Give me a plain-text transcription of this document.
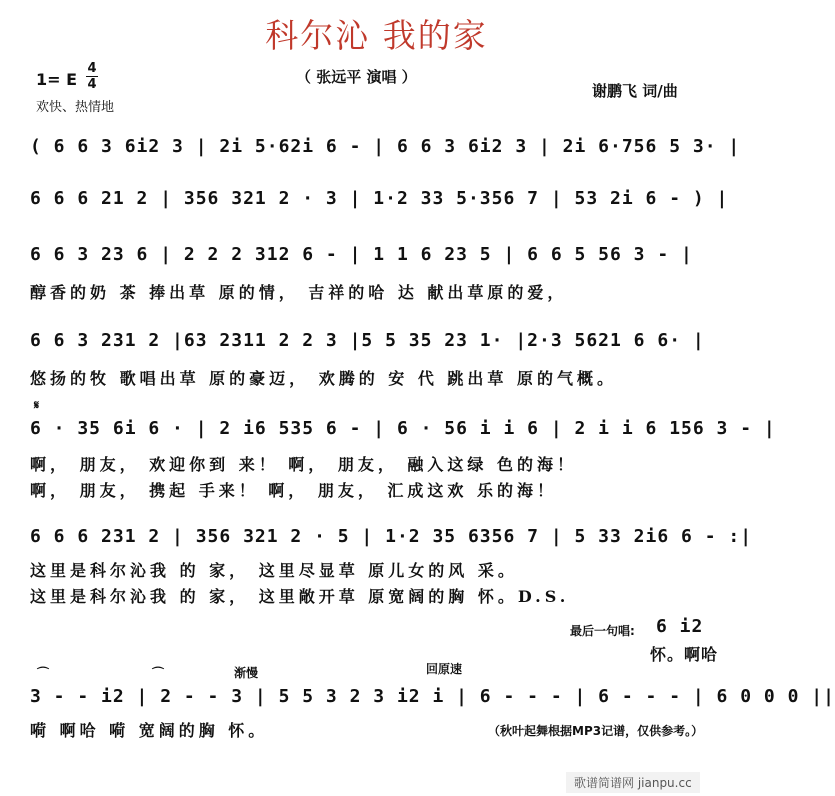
科尔沁 我的家
（ 张远平 演唱 ）
1= E
4
4
欢快、热情地
谢鹏飞 词/曲
( 6 6 3 6i2 3 | 2i 5·62i 6 - | 6 6 3 6i2 3 | 2i 6·756 5 3· |
6 6 6 21 2 | 356 321 2 · 3 | 1·2 33 5·356 7 | 53 2i 6 - ) |
6 6 3 23 6 | 2 2 2 312 6 - | 1 1 6 23 5 | 6 6 5 56 3 - |
醇香的奶 茶 捧出草 原的情， 吉祥的哈 达 献出草原的爱，
6 6 3 231 2 |63 2311 2 2 3 |5 5 35 23 1· |2·3 5621 6 6· |
悠扬的牧 歌唱出草 原的豪迈， 欢腾的 安 代 跳出草 原的气概。
𝄋
6 · 35 6i 6 · | 2 i6 535 6 - | 6 · 56 i i 6 | 2 i i 6 156 3 - |
啊， 朋友， 欢迎你到 来！ 啊， 朋友， 融入这绿 色的海！
啊， 朋友， 携起 手来！ 啊， 朋友， 汇成这欢 乐的海！
6 6 6 231 2 | 356 321 2 · 5 | 1·2 35 6356 7 | 5 33 2i6 6 - :|
这里是科尔沁我 的 家， 这里尽显草 原儿女的风 采。
这里是科尔沁我 的 家， 这里敞开草 原宽阔的胸 怀。D.S.
最后一句唱: 6 i2
怀。啊哈
⌒	⌒	渐慢	回原速
3 - - i2 | 2 - - 3 | 5 5 3 2 3 i2 i | 6 - - - | 6 - - - | 6 0 0 0 ||
嗬 啊哈 嗬 宽阔的胸 怀。	（秋叶起舞根据MP3记谱，仅供参考。）
歌谱简谱网 jianpu.cc
